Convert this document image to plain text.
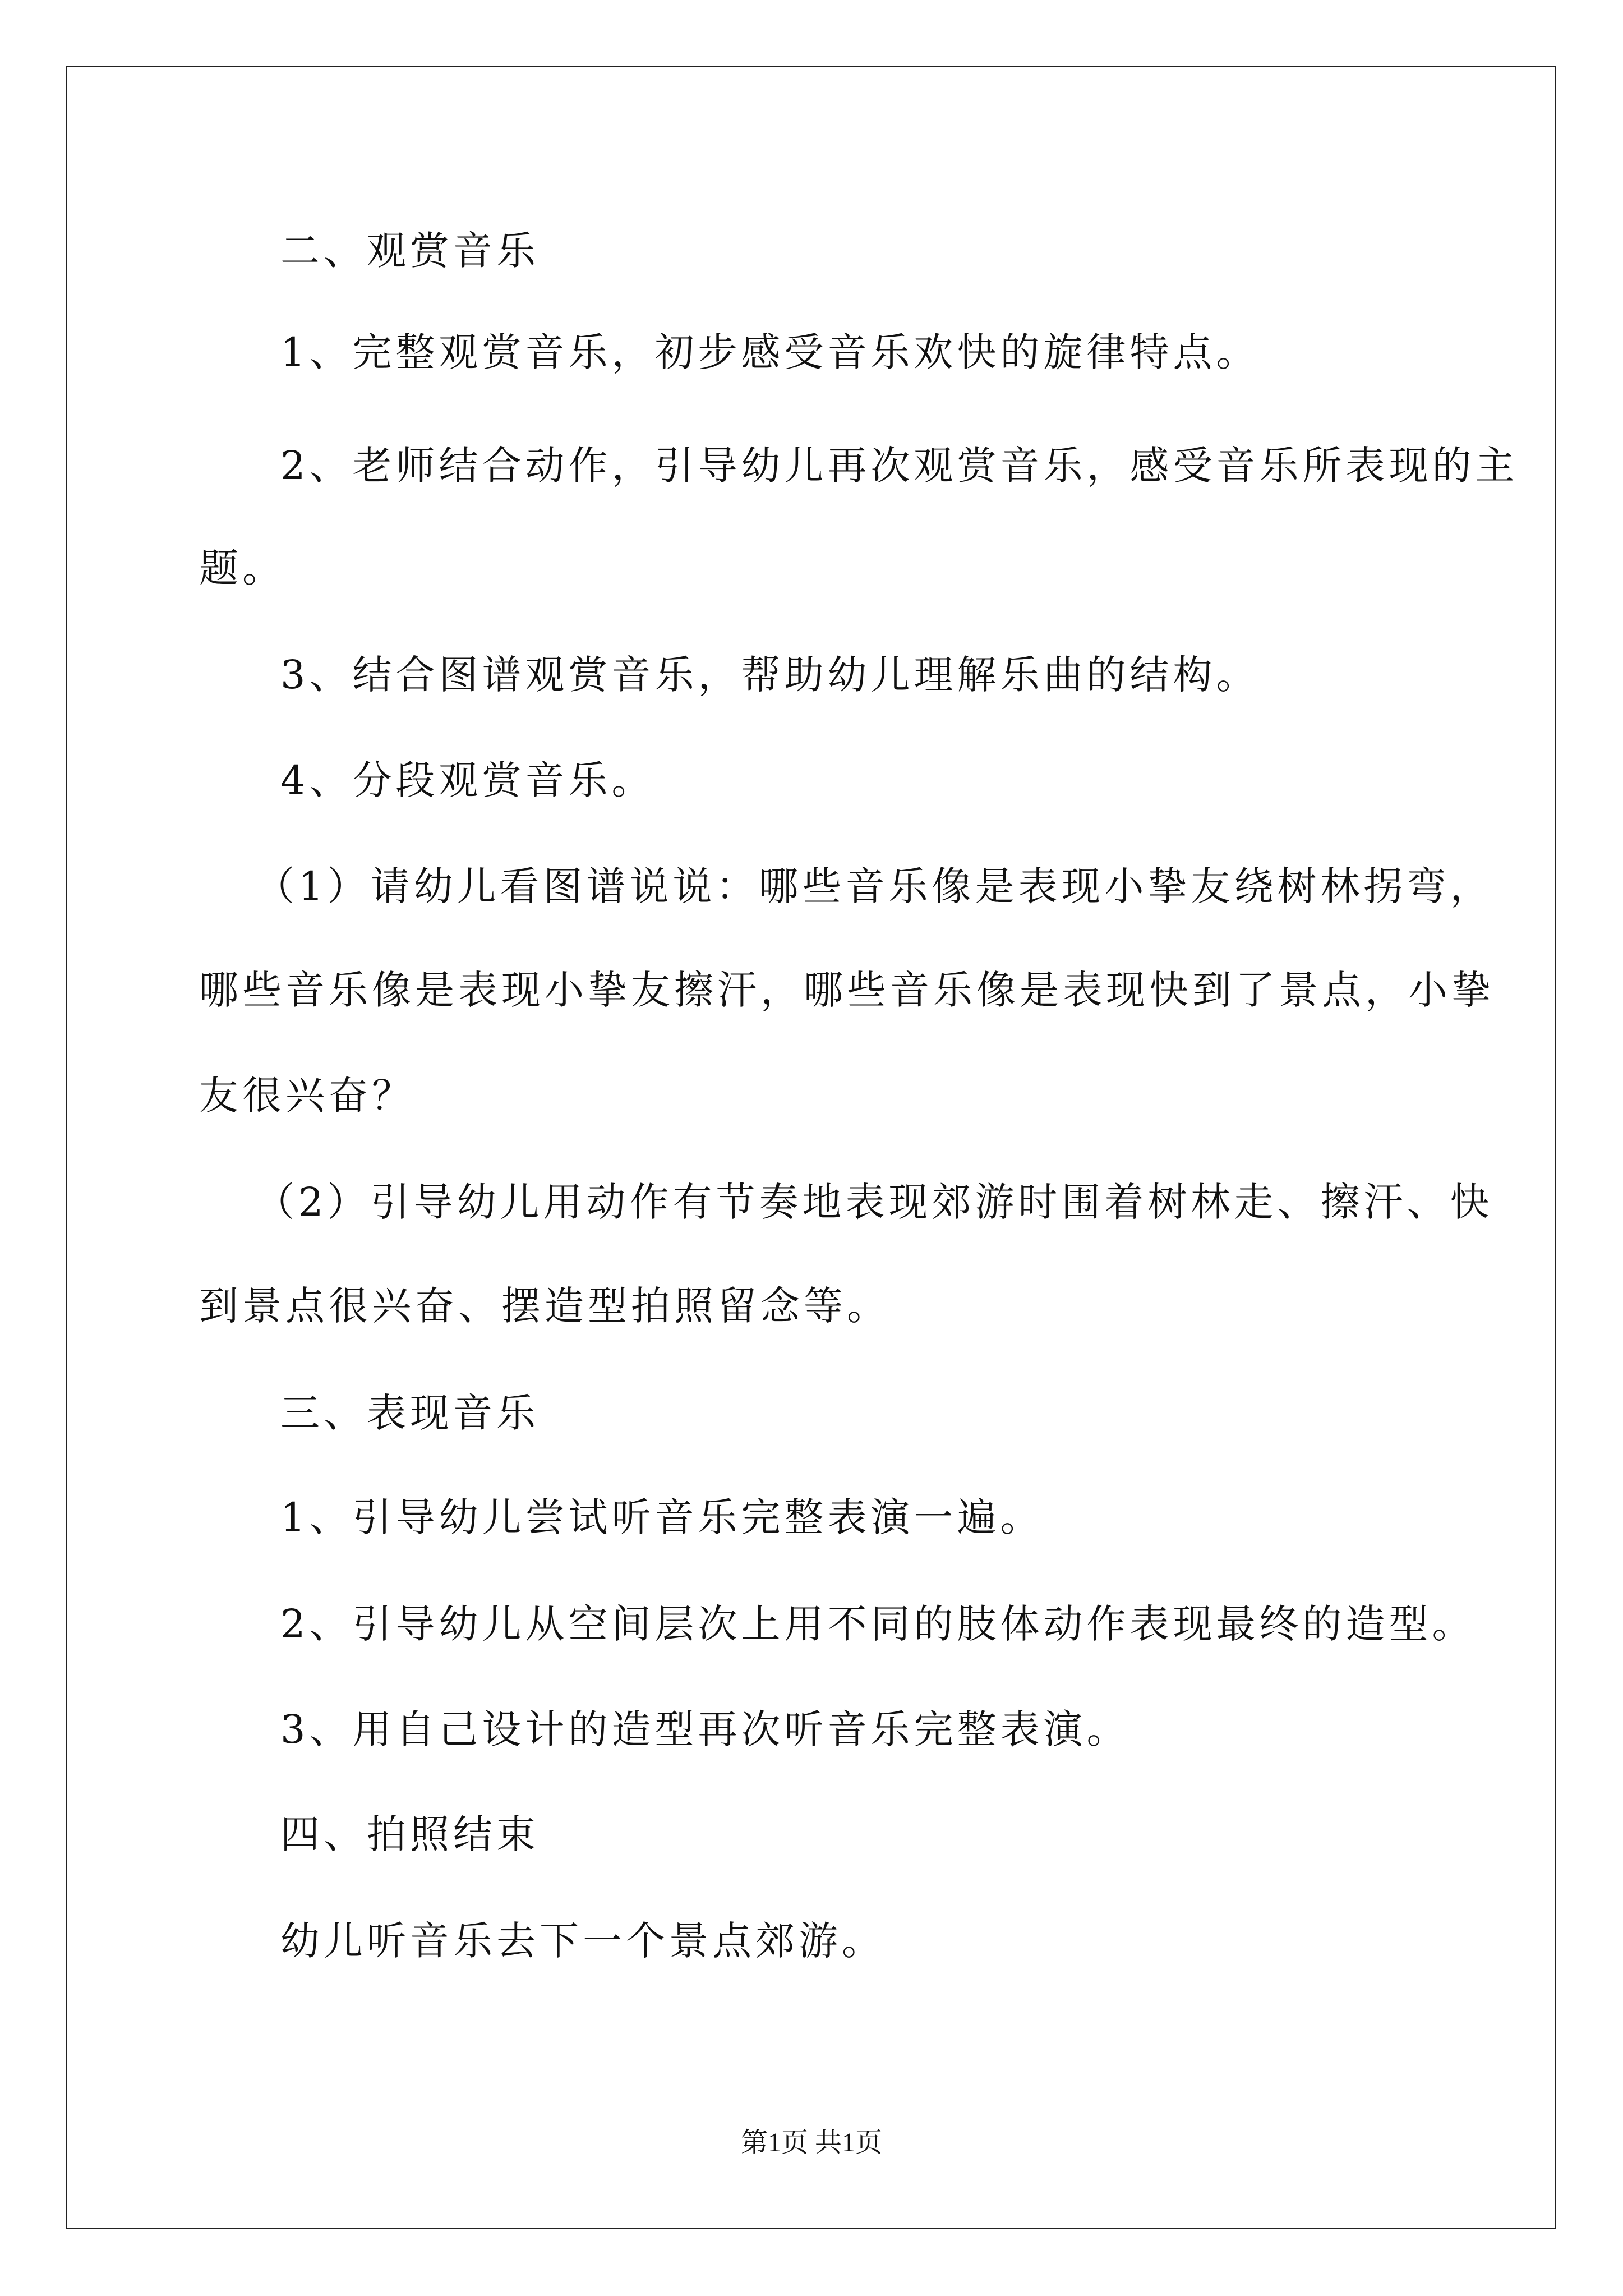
二、观赏音乐
1、完整观赏音乐，初步感受音乐欢快的旋律特点。
2、老师结合动作，引导幼儿再次观赏音乐，感受音乐所表现的主
题。
3、结合图谱观赏音乐，帮助幼儿理解乐曲的结构。
4、分段观赏音乐。
（1）请幼儿看图谱说说：哪些音乐像是表现小挚友绕树林拐弯，
哪些音乐像是表现小挚友擦汗，哪些音乐像是表现快到了景点，小挚
友很兴奋？
（2）引导幼儿用动作有节奏地表现郊游时围着树林走、擦汗、快
到景点很兴奋、摆造型拍照留念等。
三、表现音乐
1、引导幼儿尝试听音乐完整表演一遍。
2、引导幼儿从空间层次上用不同的肢体动作表现最终的造型。
3、用自己设计的造型再次听音乐完整表演。
四、拍照结束
幼儿听音乐去下一个景点郊游。
第1页 共1页
